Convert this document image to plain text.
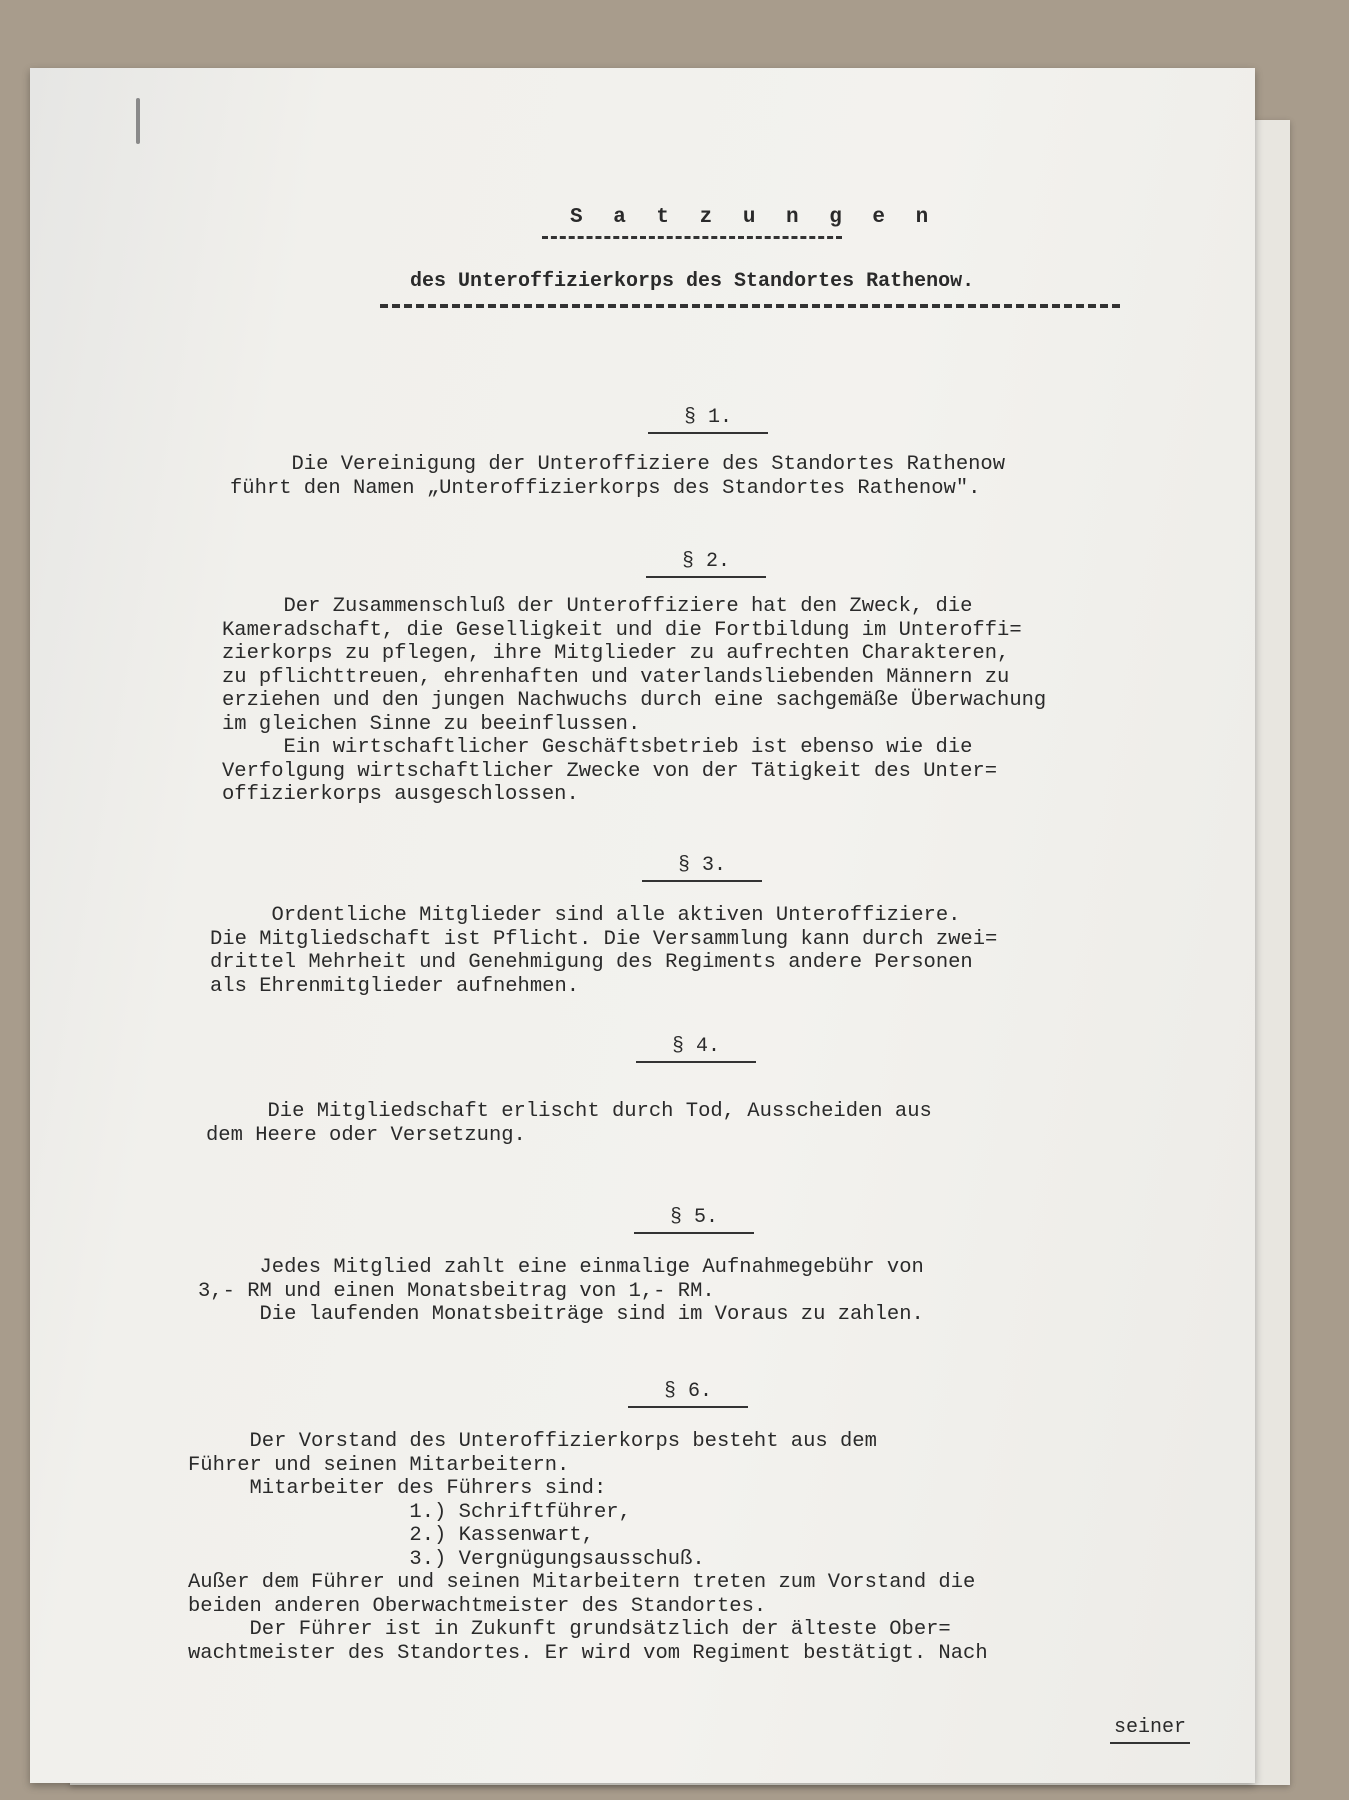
S a t z u n g e n
des Unteroffizierkorps des Standortes Rathenow.
§ 1.
Die Vereinigung der Unteroffiziere des Standortes Rathenow
führt den Namen „Unteroffizierkorps des Standortes Rathenow".
§ 2.
Der Zusammenschluß der Unteroffiziere hat den Zweck, die
Kameradschaft, die Geselligkeit und die Fortbildung im Unteroffi=
zierkorps zu pflegen, ihre Mitglieder zu aufrechten Charakteren,
zu pflichttreuen, ehrenhaften und vaterlandsliebenden Männern zu
erziehen und den jungen Nachwuchs durch eine sachgemäße Überwachung
im gleichen Sinne zu beeinflussen.
Ein wirtschaftlicher Geschäftsbetrieb ist ebenso wie die
Verfolgung wirtschaftlicher Zwecke von der Tätigkeit des Unter=
offizierkorps ausgeschlossen.
§ 3.
Ordentliche Mitglieder sind alle aktiven Unteroffiziere.
Die Mitgliedschaft ist Pflicht. Die Versammlung kann durch zwei=
drittel Mehrheit und Genehmigung des Regiments andere Personen
als Ehrenmitglieder aufnehmen.
§ 4.
Die Mitgliedschaft erlischt durch Tod, Ausscheiden aus
dem Heere oder Versetzung.
§ 5.
Jedes Mitglied zahlt eine einmalige Aufnahmegebühr von
3,- RM und einen Monatsbeitrag von 1,- RM.
Die laufenden Monatsbeiträge sind im Voraus zu zahlen.
§ 6.
Der Vorstand des Unteroffizierkorps besteht aus dem
Führer und seinen Mitarbeitern.
Mitarbeiter des Führers sind:
1.) Schriftführer,
2.) Kassenwart,
3.) Vergnügungsausschuß.
Außer dem Führer und seinen Mitarbeitern treten zum Vorstand die
beiden anderen Oberwachtmeister des Standortes.
Der Führer ist in Zukunft grundsätzlich der älteste Ober=
wachtmeister des Standortes. Er wird vom Regiment bestätigt. Nach
seiner
